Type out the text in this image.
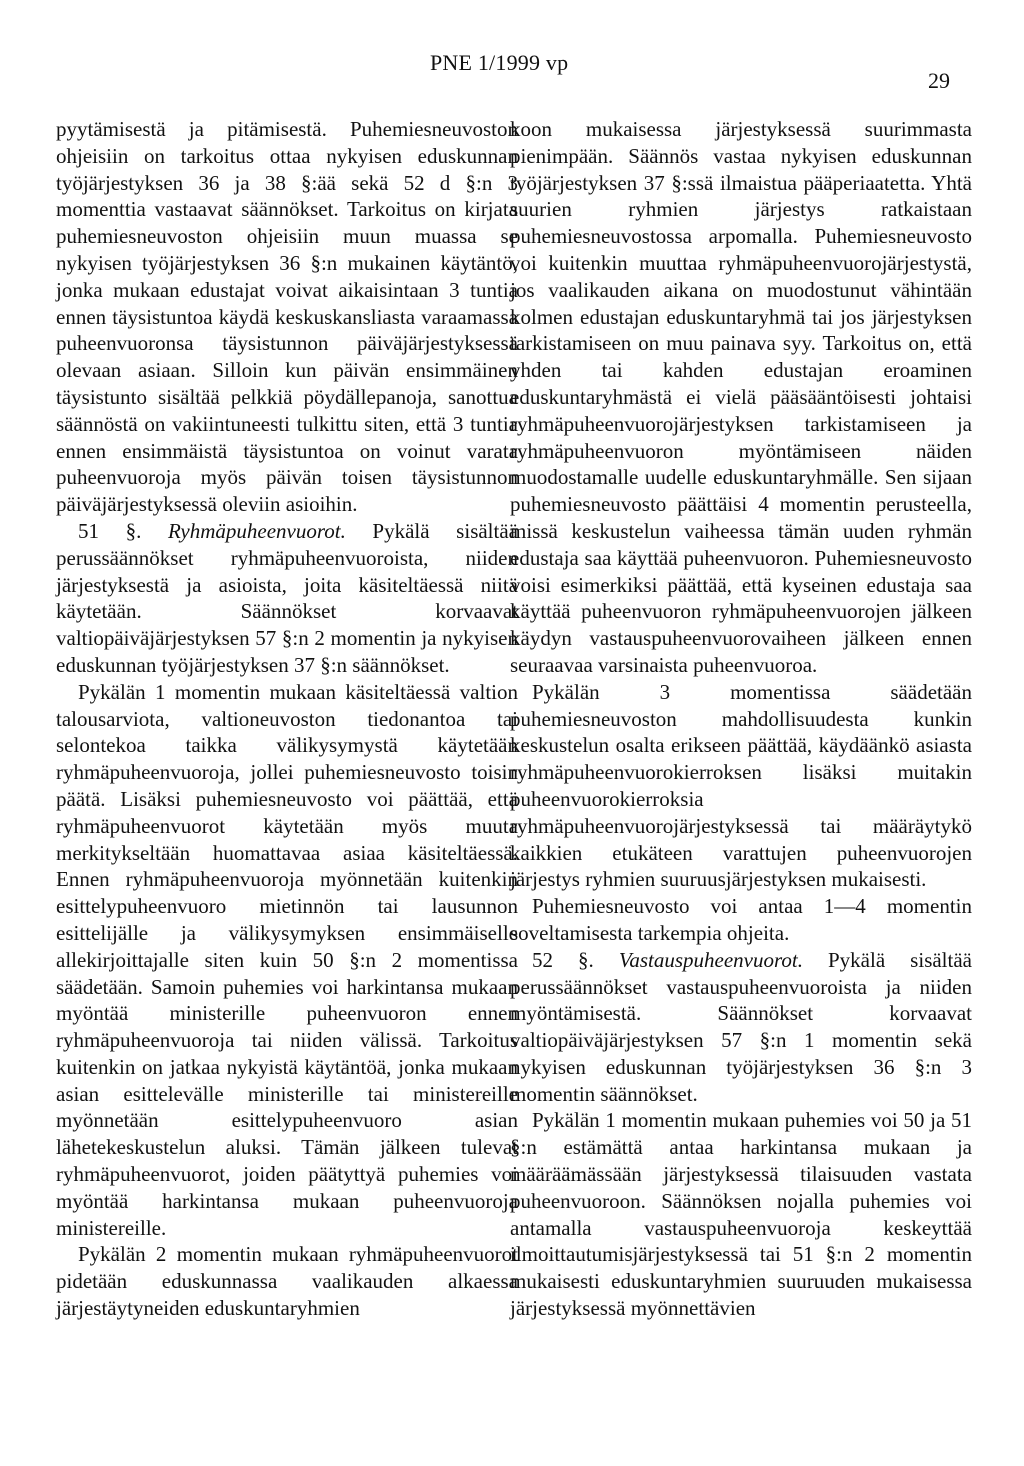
PNE 1/1999 vp
29

pyytämisestä ja pitämisestä. Puhemiesneuvoston ohjeisiin on tarkoitus ottaa nykyisen eduskunnan työjärjestyksen 36 ja 38 §:ää sekä 52 d §:n 3 momenttia vastaavat säännökset. Tarkoitus on kirjata puhemiesneuvoston ohjeisiin muun muassa se nykyisen työjärjestyksen 36 §:n mukainen käytäntö, jonka mukaan edustajat voivat aikaisintaan 3 tuntia ennen täysistuntoa käydä keskuskansliasta varaamassa puheenvuoronsa täysistunnon päiväjärjestyksessä olevaan asiaan. Silloin kun päivän ensimmäinen täysistunto sisältää pelkkiä pöydällepanoja, sanottua säännöstä on vakiintuneesti tulkittu siten, että 3 tuntia ennen ensimmäistä täysistuntoa on voinut varata puheenvuoroja myös päivän toisen täysistunnon päiväjärjestyksessä oleviin asioihin.

51 §. Ryhmäpuheenvuorot. Pykälä sisältää perussäännökset ryhmäpuheenvuoroista, niiden järjestyksestä ja asioista, joita käsiteltäessä niitä käytetään. Säännökset korvaavat valtiopäiväjärjestyksen 57 §:n 2 momentin ja nykyisen eduskunnan työjärjestyksen 37 §:n säännökset.

Pykälän 1 momentin mukaan käsiteltäessä valtion talousarviota, valtioneuvoston tiedonantoa tai selontekoa taikka välikysymystä käytetään ryhmäpuheenvuoroja, jollei puhemiesneuvosto toisin päätä. Lisäksi puhemiesneuvosto voi päättää, että ryhmäpuheenvuorot käytetään myös muuta merkitykseltään huomattavaa asiaa käsiteltäessä. Ennen ryhmäpuheenvuoroja myönnetään kuitenkin esittelypuheenvuoro mietinnön tai lausunnon esittelijälle ja välikysymyksen ensimmäiselle allekirjoittajalle siten kuin 50 §:n 2 momentissa säädetään. Samoin puhemies voi harkintansa mukaan myöntää ministerille puheenvuoron ennen ryhmäpuheenvuoroja tai niiden välissä. Tarkoitus kuitenkin on jatkaa nykyistä käytäntöä, jonka mukaan asian esittelevälle ministerille tai ministereille myönnetään esittelypuheenvuoro asian lähetekeskustelun aluksi. Tämän jälkeen tulevat ryhmäpuheenvuorot, joiden päätyttyä puhemies voi myöntää harkintansa mukaan puheenvuoroja ministereille.

Pykälän 2 momentin mukaan ryhmäpuheenvuorot pidetään eduskunnassa vaalikauden alkaessa järjestäytyneiden eduskuntaryhmien

koon mukaisessa järjestyksessä suurimmasta pienimpään. Säännös vastaa nykyisen eduskunnan työjärjestyksen 37 §:ssä ilmaistua pääperiaatetta. Yhtä suurien ryhmien järjestys ratkaistaan puhemiesneuvostossa arpomalla. Puhemiesneuvosto voi kuitenkin muuttaa ryhmäpuheenvuorojärjestystä, jos vaalikauden aikana on muodostunut vähintään kolmen edustajan eduskuntaryhmä tai jos järjestyksen tarkistamiseen on muu painava syy. Tarkoitus on, että yhden tai kahden edustajan eroaminen eduskuntaryhmästä ei vielä pääsääntöisesti johtaisi ryhmäpuheenvuorojärjestyksen tarkistamiseen ja ryhmäpuheenvuoron myöntämiseen näiden muodostamalle uudelle eduskuntaryhmälle. Sen sijaan puhemiesneuvosto päättäisi 4 momentin perusteella, missä keskustelun vaiheessa tämän uuden ryhmän edustaja saa käyttää puheenvuoron. Puhemiesneuvosto voisi esimerkiksi päättää, että kyseinen edustaja saa käyttää puheenvuoron ryhmäpuheenvuorojen jälkeen käydyn vastauspuheenvuorovaiheen jälkeen ennen seuraavaa varsinaista puheenvuoroa.

Pykälän 3 momentissa säädetään puhemiesneuvoston mahdollisuudesta kunkin keskustelun osalta erikseen päättää, käydäänkö asiasta ryhmäpuheenvuorokierroksen lisäksi muitakin puheenvuorokierroksia ryhmäpuheenvuorojärjestyksessä tai määräytykö kaikkien etukäteen varattujen puheenvuorojen järjestys ryhmien suuruusjärjestyksen mukaisesti.

Puhemiesneuvosto voi antaa 1—4 momentin soveltamisesta tarkempia ohjeita.

52 §. Vastauspuheenvuorot. Pykälä sisältää perussäännökset vastauspuheenvuoroista ja niiden myöntämisestä. Säännökset korvaavat valtiopäiväjärjestyksen 57 §:n 1 momentin sekä nykyisen eduskunnan työjärjestyksen 36 §:n 3 momentin säännökset.

Pykälän 1 momentin mukaan puhemies voi 50 ja 51 §:n estämättä antaa harkintansa mukaan ja määräämässään järjestyksessä tilaisuuden vastata puheenvuoroon. Säännöksen nojalla puhemies voi antamalla vastauspuheenvuoroja keskeyttää ilmoittautumisjärjestyksessä tai 51 §:n 2 momentin mukaisesti eduskuntaryhmien suuruuden mukaisessa järjestyksessä myönnettävien
